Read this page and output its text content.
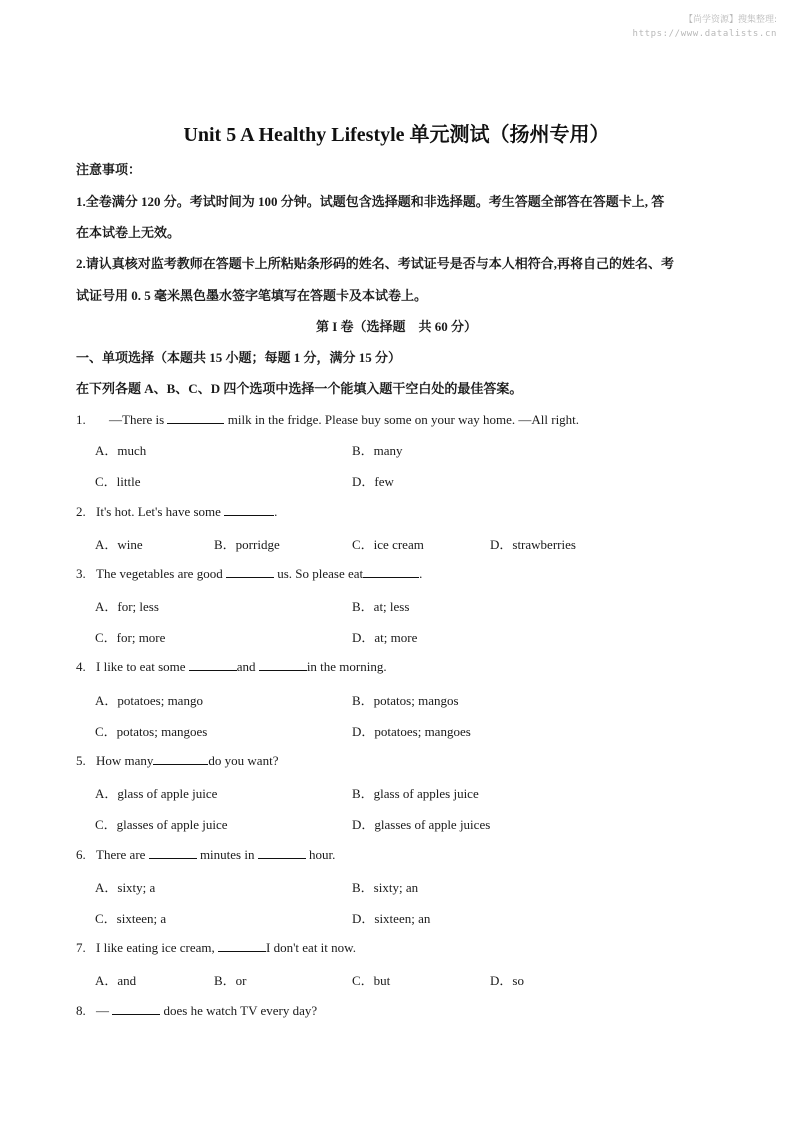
【尚学资源】搜集整理:
https://www.datalists.cn
Unit 5 A Healthy Lifestyle 单元测试（扬州专用）
注意事项：
1.全卷满分 120 分。考试时间为 100 分钟。试题包含选择题和非选择题。考生答题全部答在答题卡上, 答
在本试卷上无效。
2.请认真核对监考教师在答题卡上所粘贴条形码的姓名、考试证号是否与本人相符合,再将自己的姓名、考
试证号用 0. 5 毫米黑色墨水签字笔填写在答题卡及本试卷上。
第 I 卷（选择题　共 60 分）
一、单项选择（本题共 15 小题；每题 1 分，满分 15 分）
在下列各题 A、B、C、D 四个选项中选择一个能填入题干空白处的最佳答案。
1.　—There is	milk in the fridge. Please buy some on your way home. —All right.
A．much	B．many
C．little	D．few
2. It's hot. Let's have some	.
A．wine	B．porridge	C．ice cream	D．strawberries
3. The vegetables are good	us. So please eat	.
A．for; less	B．at; less
C．for; more	D．at; more
4. I like to eat some	and	in the morning.
A．potatoes; mango	B．potatos; mangos
C．potatos; mangoes	D．potatoes; mangoes
5. How many	do you want?
A．glass of apple juice	B．glass of apples juice
C．glasses of apple juice	D．glasses of apple juices
6. There are	minutes in	hour.
A．sixty; a	B．sixty; an
C．sixteen; a	D．sixteen; an
7. I like eating ice cream,	I don't eat it now.
A．and	B．or	C．but	D．so
8. —	does he watch TV every day?
